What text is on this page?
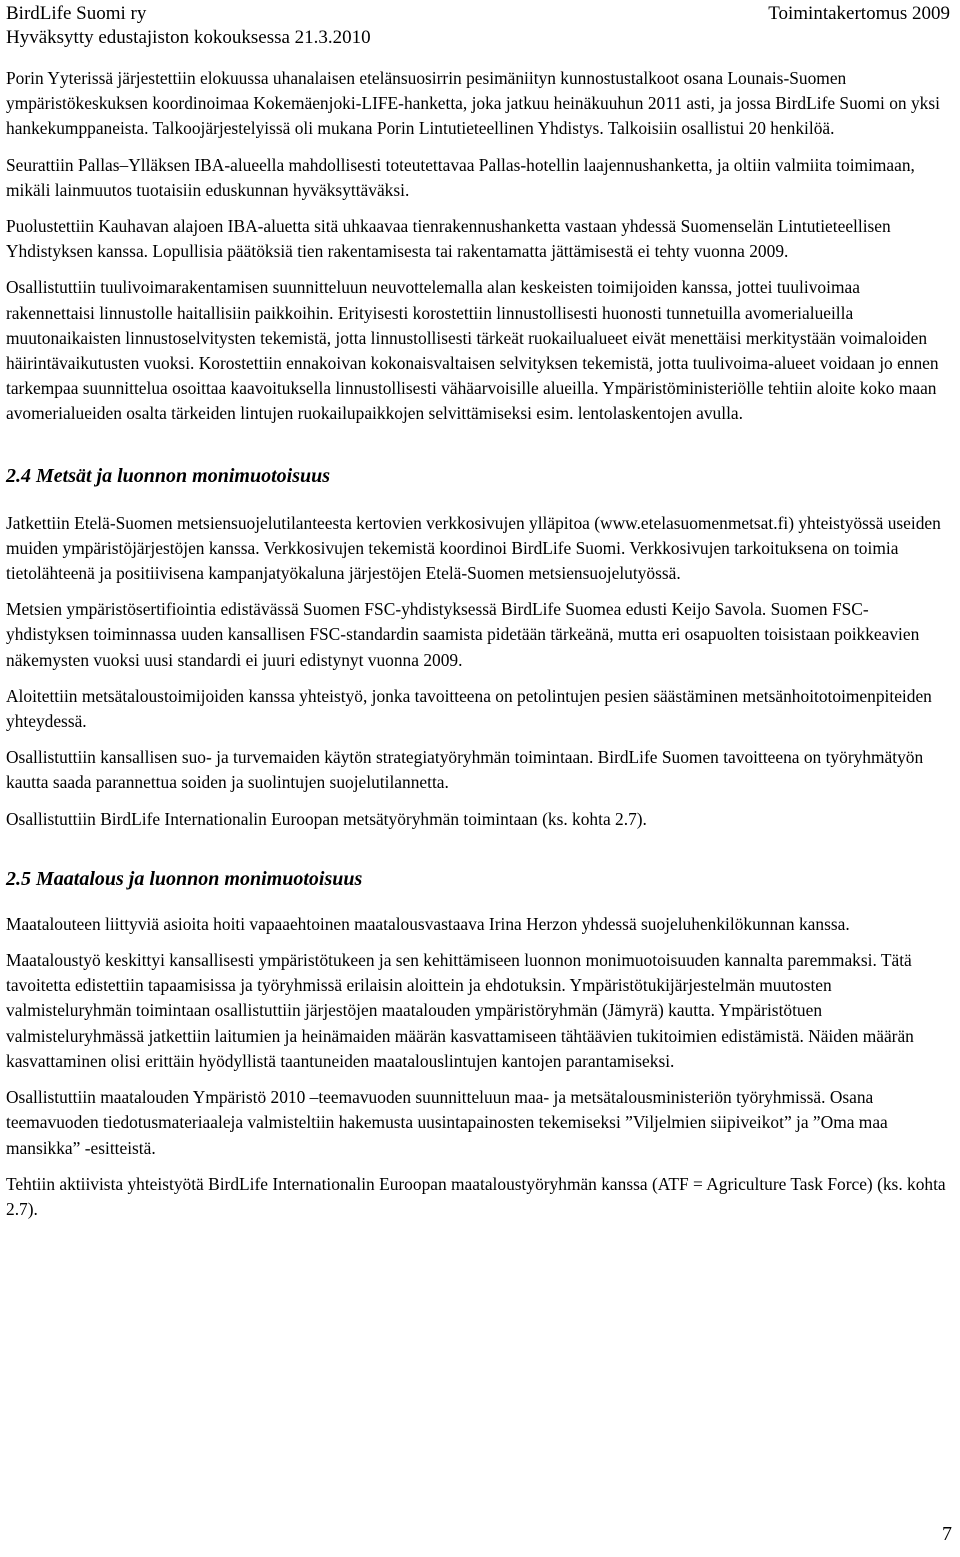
BirdLife Suomi ry	Toimintakertomus 2009
Hyväksytty edustajiston kokouksessa 21.3.2010

Porin Yyterissä järjestettiin elokuussa uhanalaisen etelänsuosirrin pesimäniityn kunnostustalkoot osana Lounais-Suomen ympäristökeskuksen koordinoimaa Kokemäenjoki-LIFE-hanketta, joka jatkuu heinäkuuhun 2011 asti, ja jossa BirdLife Suomi on yksi hankekumppaneista. Talkoojärjestelyissä oli mukana Porin Lintutieteellinen Yhdistys. Talkoisiin osallistui 20 henkilöä.

Seurattiin Pallas–Ylläksen IBA-alueella mahdollisesti toteutettavaa Pallas-hotellin laajennushanketta, ja oltiin valmiita toimimaan, mikäli lainmuutos tuotaisiin eduskunnan hyväksyttäväksi.

Puolustettiin Kauhavan alajoen IBA-aluetta sitä uhkaavaa tienrakennushanketta vastaan yhdessä Suomenselän Lintutieteellisen Yhdistyksen kanssa. Lopullisia päätöksiä tien rakentamisesta tai rakentamatta jättämisestä ei tehty vuonna 2009.

Osallistuttiin tuulivoimarakentamisen suunnitteluun neuvottelemalla alan keskeisten toimijoiden kanssa, jottei tuulivoimaa rakennettaisi linnustolle haitallisiin paikkoihin. Erityisesti korostettiin linnustollisesti huonosti tunnetuilla avomerialueilla muutonaikaisten linnustoselvitysten tekemistä, jotta linnustollisesti tärkeät ruokailualueet eivät menettäisi merkitystään voimaloiden häirintävaikutusten vuoksi. Korostettiin ennakoivan kokonaisvaltaisen selvityksen tekemistä, jotta tuulivoima-alueet voidaan jo ennen tarkempaa suunnittelua osoittaa kaavoituksella linnustollisesti vähäarvoisille alueilla. Ympäristöministeriölle tehtiin aloite koko maan avomerialueiden osalta tärkeiden lintujen ruokailupaikkojen selvittämiseksi esim. lentolaskentojen avulla.

2.4 Metsät ja luonnon monimuotoisuus

Jatkettiin Etelä-Suomen metsiensuojelutilanteesta kertovien verkkosivujen ylläpitoa (www.etelasuomenmetsat.fi) yhteistyössä useiden muiden ympäristöjärjestöjen kanssa. Verkkosivujen tekemistä koordinoi BirdLife Suomi. Verkkosivujen tarkoituksena on toimia tietolähteenä ja positiivisena kampanjatyökaluna järjestöjen Etelä-Suomen metsiensuojelutyössä.

Metsien ympäristösertifiointia edistävässä Suomen FSC-yhdistyksessä BirdLife Suomea edusti Keijo Savola. Suomen FSC-yhdistyksen toiminnassa uuden kansallisen FSC-standardin saamista pidetään tärkeänä, mutta eri osapuolten toisistaan poikkeavien näkemysten vuoksi uusi standardi ei juuri edistynyt vuonna 2009.

Aloitettiin metsätaloustoimijoiden kanssa yhteistyö, jonka tavoitteena on petolintujen pesien säästäminen metsänhoitotoimenpiteiden yhteydessä.

Osallistuttiin kansallisen suo- ja turvemaiden käytön strategiatyöryhmän toimintaan. BirdLife Suomen tavoitteena on työryhmätyön kautta saada parannettua soiden ja suolintujen suojelutilannetta.

Osallistuttiin BirdLife Internationalin Euroopan metsätyöryhmän toimintaan (ks. kohta 2.7).

2.5 Maatalous ja luonnon monimuotoisuus

Maatalouteen liittyviä asioita hoiti vapaaehtoinen maatalousvastaava Irina Herzon yhdessä suojeluhenkilökunnan kanssa.

Maataloustyö keskittyi kansallisesti ympäristötukeen ja sen kehittämiseen luonnon monimuotoisuuden kannalta paremmaksi. Tätä tavoitetta edistettiin tapaamisissa ja työryhmissä erilaisin aloittein ja ehdotuksin. Ympäristötukijärjestelmän muutosten valmisteluryhmän toimintaan osallistuttiin järjestöjen maatalouden ympäristöryhmän (Jämyrä) kautta. Ympäristötuen valmisteluryhmässä jatkettiin laitumien ja heinämaiden määrän kasvattamiseen tähtäävien tukitoimien edistämistä. Näiden määrän kasvattaminen olisi erittäin hyödyllistä taantuneiden maatalouslintujen kantojen parantamiseksi.

Osallistuttiin maatalouden Ympäristö 2010 –teemavuoden suunnitteluun maa- ja metsätalousministeriön työryhmissä. Osana teemavuoden tiedotusmateriaaleja valmisteltiin hakemusta uusintapainosten tekemiseksi ”Viljelmien siipiveikot” ja ”Oma maa mansikka” -esitteistä.

Tehtiin aktiivista yhteistyötä BirdLife Internationalin Euroopan maataloustyöryhmän kanssa (ATF = Agriculture Task Force) (ks. kohta 2.7).

7
